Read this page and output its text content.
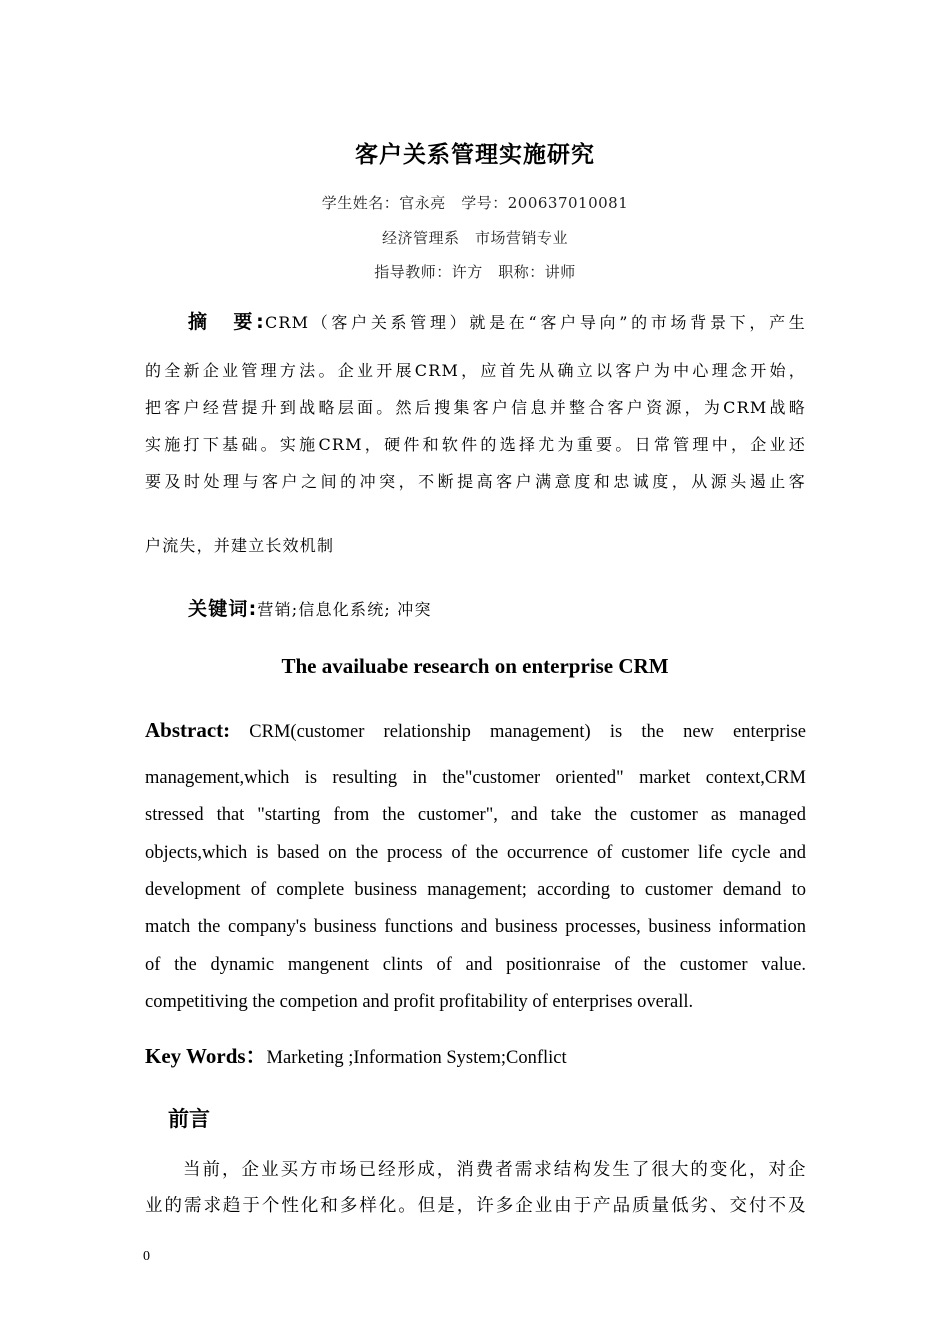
客户关系管理实施研究

学生姓名：官永亮　学号：200637010081

经济管理系　市场营销专业

指导教师：许方　职称：讲师

摘　要:CRM（客户关系管理）就是在“客户导向”的市场背景下，产生

的全新企业管理方法。企业开展CRM，应首先从确立以客户为中心理念开始，

把客户经营提升到战略层面。然后搜集客户信息并整合客户资源，为CRM战略

实施打下基础。实施CRM，硬件和软件的选择尤为重要。日常管理中，企业还

要及时处理与客户之间的冲突，不断提高客户满意度和忠诚度，从源头遏止客

户流失，并建立长效机制

关键词:营销;信息化系统; 冲突

The availuabe research on enterprise CRM

Abstract: CRM(customer relationship management) is the new enterprise

management,which is resulting in the"customer oriented" market context,CRM

stressed that "starting from the customer", and take the customer as managed

objects,which is based on the process of the occurrence of customer life cycle and

development of complete business management; according to customer demand to

match the company's business functions and business processes, business information

of the dynamic mangenent clints of and positionraise of the customer value.

competitiving the competion and profit profitability of enterprises overall.

Key Words：Marketing ;Information System;Conflict

前言

当前，企业买方市场已经形成，消费者需求结构发生了很大的变化，对企

业的需求趋于个性化和多样化。但是，许多企业由于产品质量低劣、交付不及

0
